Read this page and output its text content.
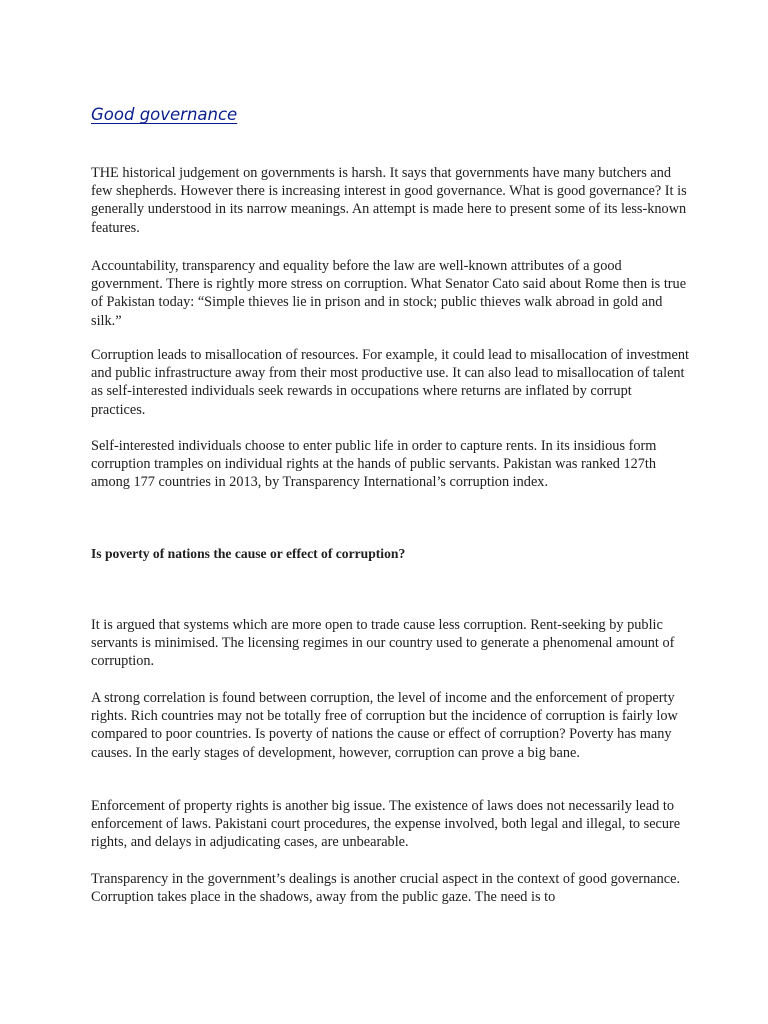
Good governance

THE historical judgement on governments is harsh. It says that governments have many butchers and few shepherds. However there is increasing interest in good governance. What is good governance? It is generally understood in its narrow meanings. An attempt is made here to present some of its less-known features.

Accountability, transparency and equality before the law are well-known attributes of a good government. There is rightly more stress on corruption. What Senator Cato said about Rome then is true of Pakistan today: “Simple thieves lie in prison and in stock; public thieves walk abroad in gold and silk.”

Corruption leads to misallocation of resources. For example, it could lead to misallocation of investment and public infrastructure away from their most productive use. It can also lead to misallocation of talent as self-interested individuals seek rewards in occupations where returns are inflated by corrupt practices.

Self-interested individuals choose to enter public life in order to capture rents. In its insidious form corruption tramples on individual rights at the hands of public servants. Pakistan was ranked 127th among 177 countries in 2013, by Transparency International’s corruption index.

Is poverty of nations the cause or effect of corruption?

It is argued that systems which are more open to trade cause less corruption. Rent-seeking by public servants is minimised. The licensing regimes in our country used to generate a phenomenal amount of corruption.

A strong correlation is found between corruption, the level of income and the enforcement of property rights. Rich countries may not be totally free of corruption but the incidence of corruption is fairly low compared to poor countries. Is poverty of nations the cause or effect of corruption? Poverty has many causes. In the early stages of development, however, corruption can prove a big bane.

Enforcement of property rights is another big issue. The existence of laws does not necessarily lead to enforcement of laws. Pakistani court procedures, the expense involved, both legal and illegal, to secure rights, and delays in adjudicating cases, are unbearable.

Transparency in the government’s dealings is another crucial aspect in the context of good governance. Corruption takes place in the shadows, away from the public gaze. The need is to
